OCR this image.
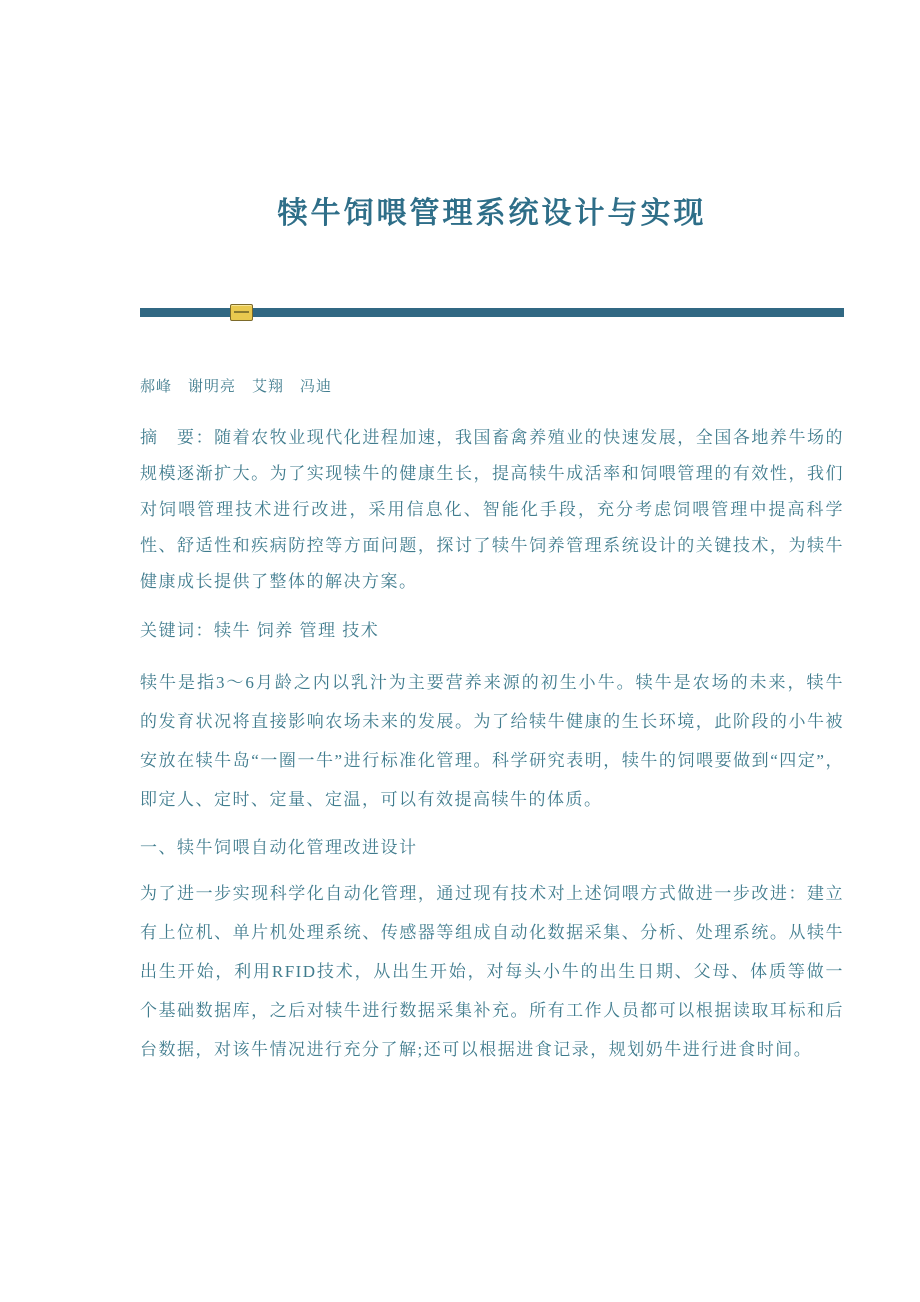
犊牛饲喂管理系统设计与实现

郝峰　谢明亮　艾翔　冯迪

摘　要：随着农牧业现代化进程加速，我国畜禽养殖业的快速发展，全国各地养牛场的规模逐渐扩大。为了实现犊牛的健康生长，提高犊牛成活率和饲喂管理的有效性，我们对饲喂管理技术进行改进，采用信息化、智能化手段，充分考虑饲喂管理中提高科学性、舒适性和疾病防控等方面问题，探讨了犊牛饲养管理系统设计的关键技术，为犊牛健康成长提供了整体的解决方案。

关键词：犊牛 饲养 管理 技术

犊牛是指3～6月龄之内以乳汁为主要营养来源的初生小牛。犊牛是农场的未来，犊牛的发育状况将直接影响农场未来的发展。为了给犊牛健康的生长环境，此阶段的小牛被安放在犊牛岛“一圈一牛”进行标准化管理。科学研究表明，犊牛的饲喂要做到“四定”，即定人、定时、定量、定温，可以有效提高犊牛的体质。

一、犊牛饲喂自动化管理改进设计

为了进一步实现科学化自动化管理，通过现有技术对上述饲喂方式做进一步改进：建立有上位机、单片机处理系统、传感器等组成自动化数据采集、分析、处理系统。从犊牛出生开始，利用RFID技术，从出生开始，对每头小牛的出生日期、父母、体质等做一个基础数据库，之后对犊牛进行数据采集补充。所有工作人员都可以根据读取耳标和后台数据，对该牛情况进行充分了解;还可以根据进食记录，规划奶牛进行进食时间。
